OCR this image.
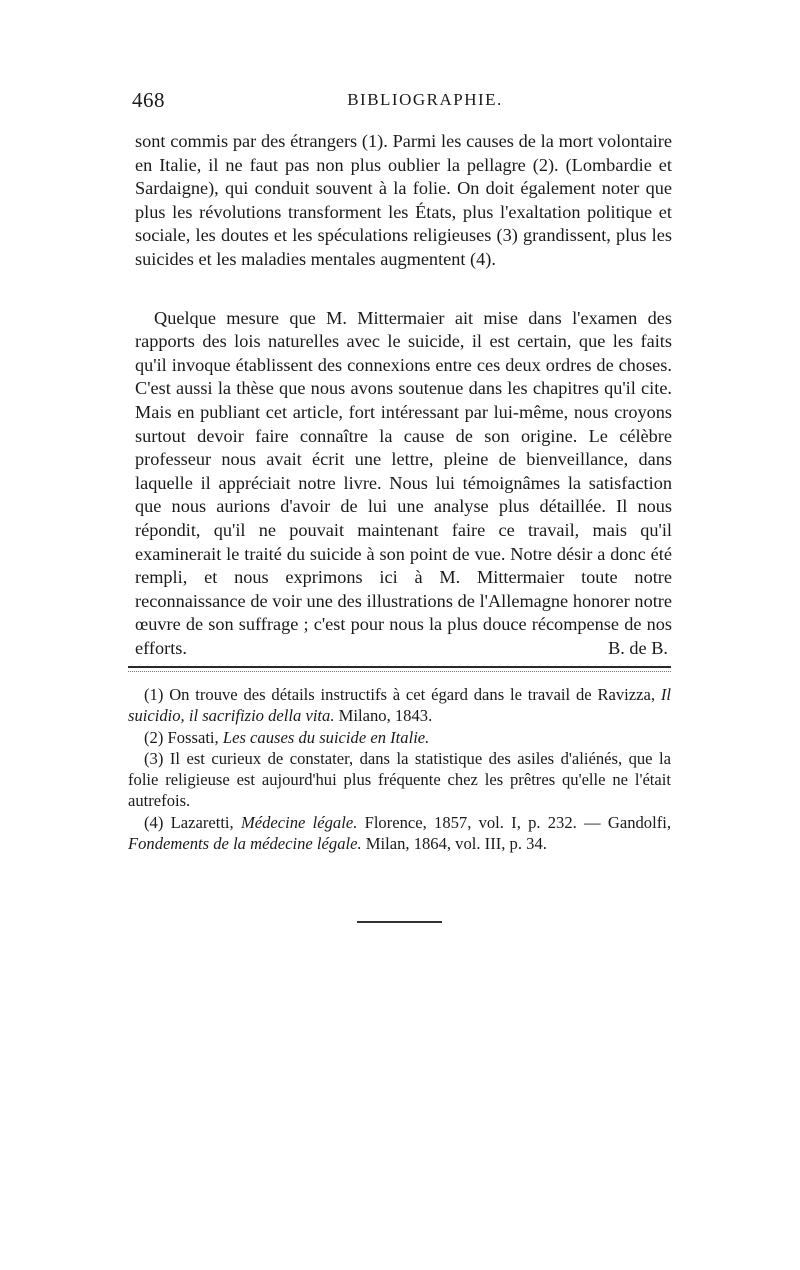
468	BIBLIOGRAPHIE.

sont commis par des étrangers (1). Parmi les causes de la mort volontaire en Italie, il ne faut pas non plus oublier la pellagre (2). (Lombardie et Sardaigne), qui conduit souvent à la folie. On doit également noter que plus les révolutions transforment les États, plus l'exaltation politique et sociale, les doutes et les spéculations religieuses (3) grandissent, plus les suicides et les maladies mentales augmentent (4).

Quelque mesure que M. Mittermaier ait mise dans l'examen des rapports des lois naturelles avec le suicide, il est certain, que les faits qu'il invoque établissent des connexions entre ces deux ordres de choses. C'est aussi la thèse que nous avons soutenue dans les chapitres qu'il cite. Mais en publiant cet article, fort intéressant par lui-même, nous croyons surtout devoir faire connaître la cause de son origine. Le célèbre professeur nous avait écrit une lettre, pleine de bienveillance, dans laquelle il appréciait notre livre. Nous lui témoignâmes la satisfaction que nous aurions d'avoir de lui une analyse plus détaillée. Il nous répondit, qu'il ne pouvait maintenant faire ce travail, mais qu'il examinerait le traité du suicide à son point de vue. Notre désir a donc été rempli, et nous exprimons ici à M. Mittermaier toute notre reconnaissance de voir une des illustrations de l'Allemagne honorer notre œuvre de son suffrage ; c'est pour nous la plus douce récompense de nos efforts.	B. de B.

(1) On trouve des détails instructifs à cet égard dans le travail de Ravizza, Il suicidio, il sacrifizio della vita. Milano, 1843.

(2) Fossati, Les causes du suicide en Italie.

(3) Il est curieux de constater, dans la statistique des asiles d'aliénés, que la folie religieuse est aujourd'hui plus fréquente chez les prêtres qu'elle ne l'était autrefois.

(4) Lazaretti, Médecine légale. Florence, 1857, vol. I, p. 232. — Gandolfi, Fondements de la médecine légale. Milan, 1864, vol. III, p. 34.
